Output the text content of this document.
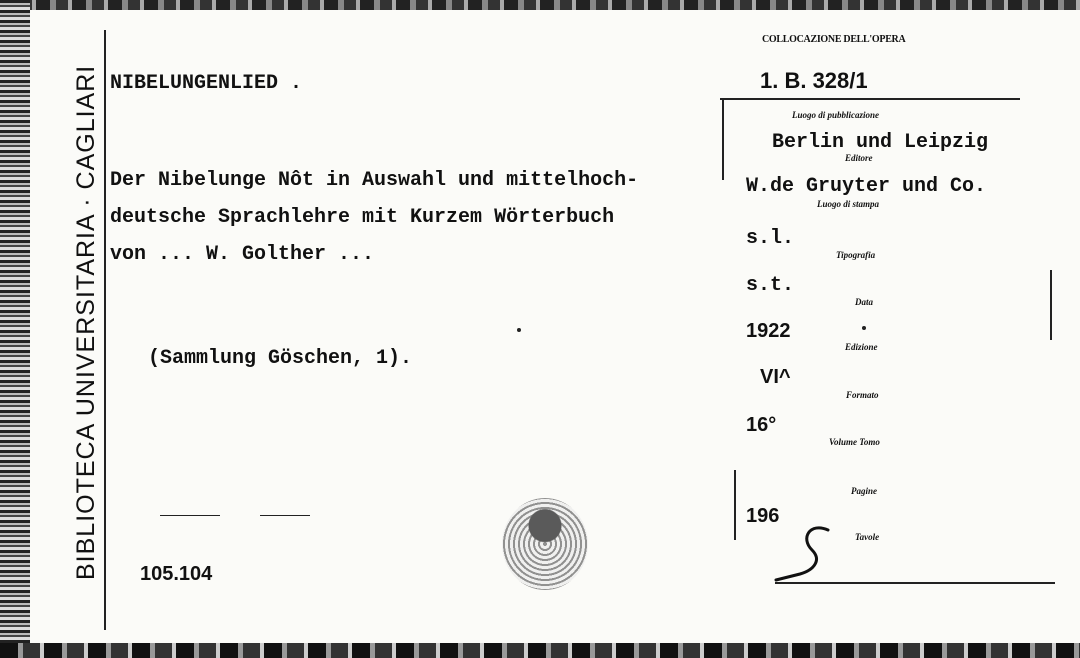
BIBLIOTECA UNIVERSITARIA · CAGLIARI
COLLOCAZIONE DELL'OPERA
1. B. 328/1
NIBELUNGENLIED .
Der Nibelunge Nôt in Auswahl und mittelhoch-
deutsche Sprachlehre mit Kurzem Wörterbuch
von ... W. Golther ...
(Sammlung Göschen, 1).
105.104
Luogo di pubblicazione
Berlin und Leipzig
Editore
W.de Gruyter und Co.
Luogo di stampa
s.l.
Tipografia
s.t.
Data
1922
Edizione
VI^
Formato
16°
Volume Tomo
Pagine
196
Tavole
